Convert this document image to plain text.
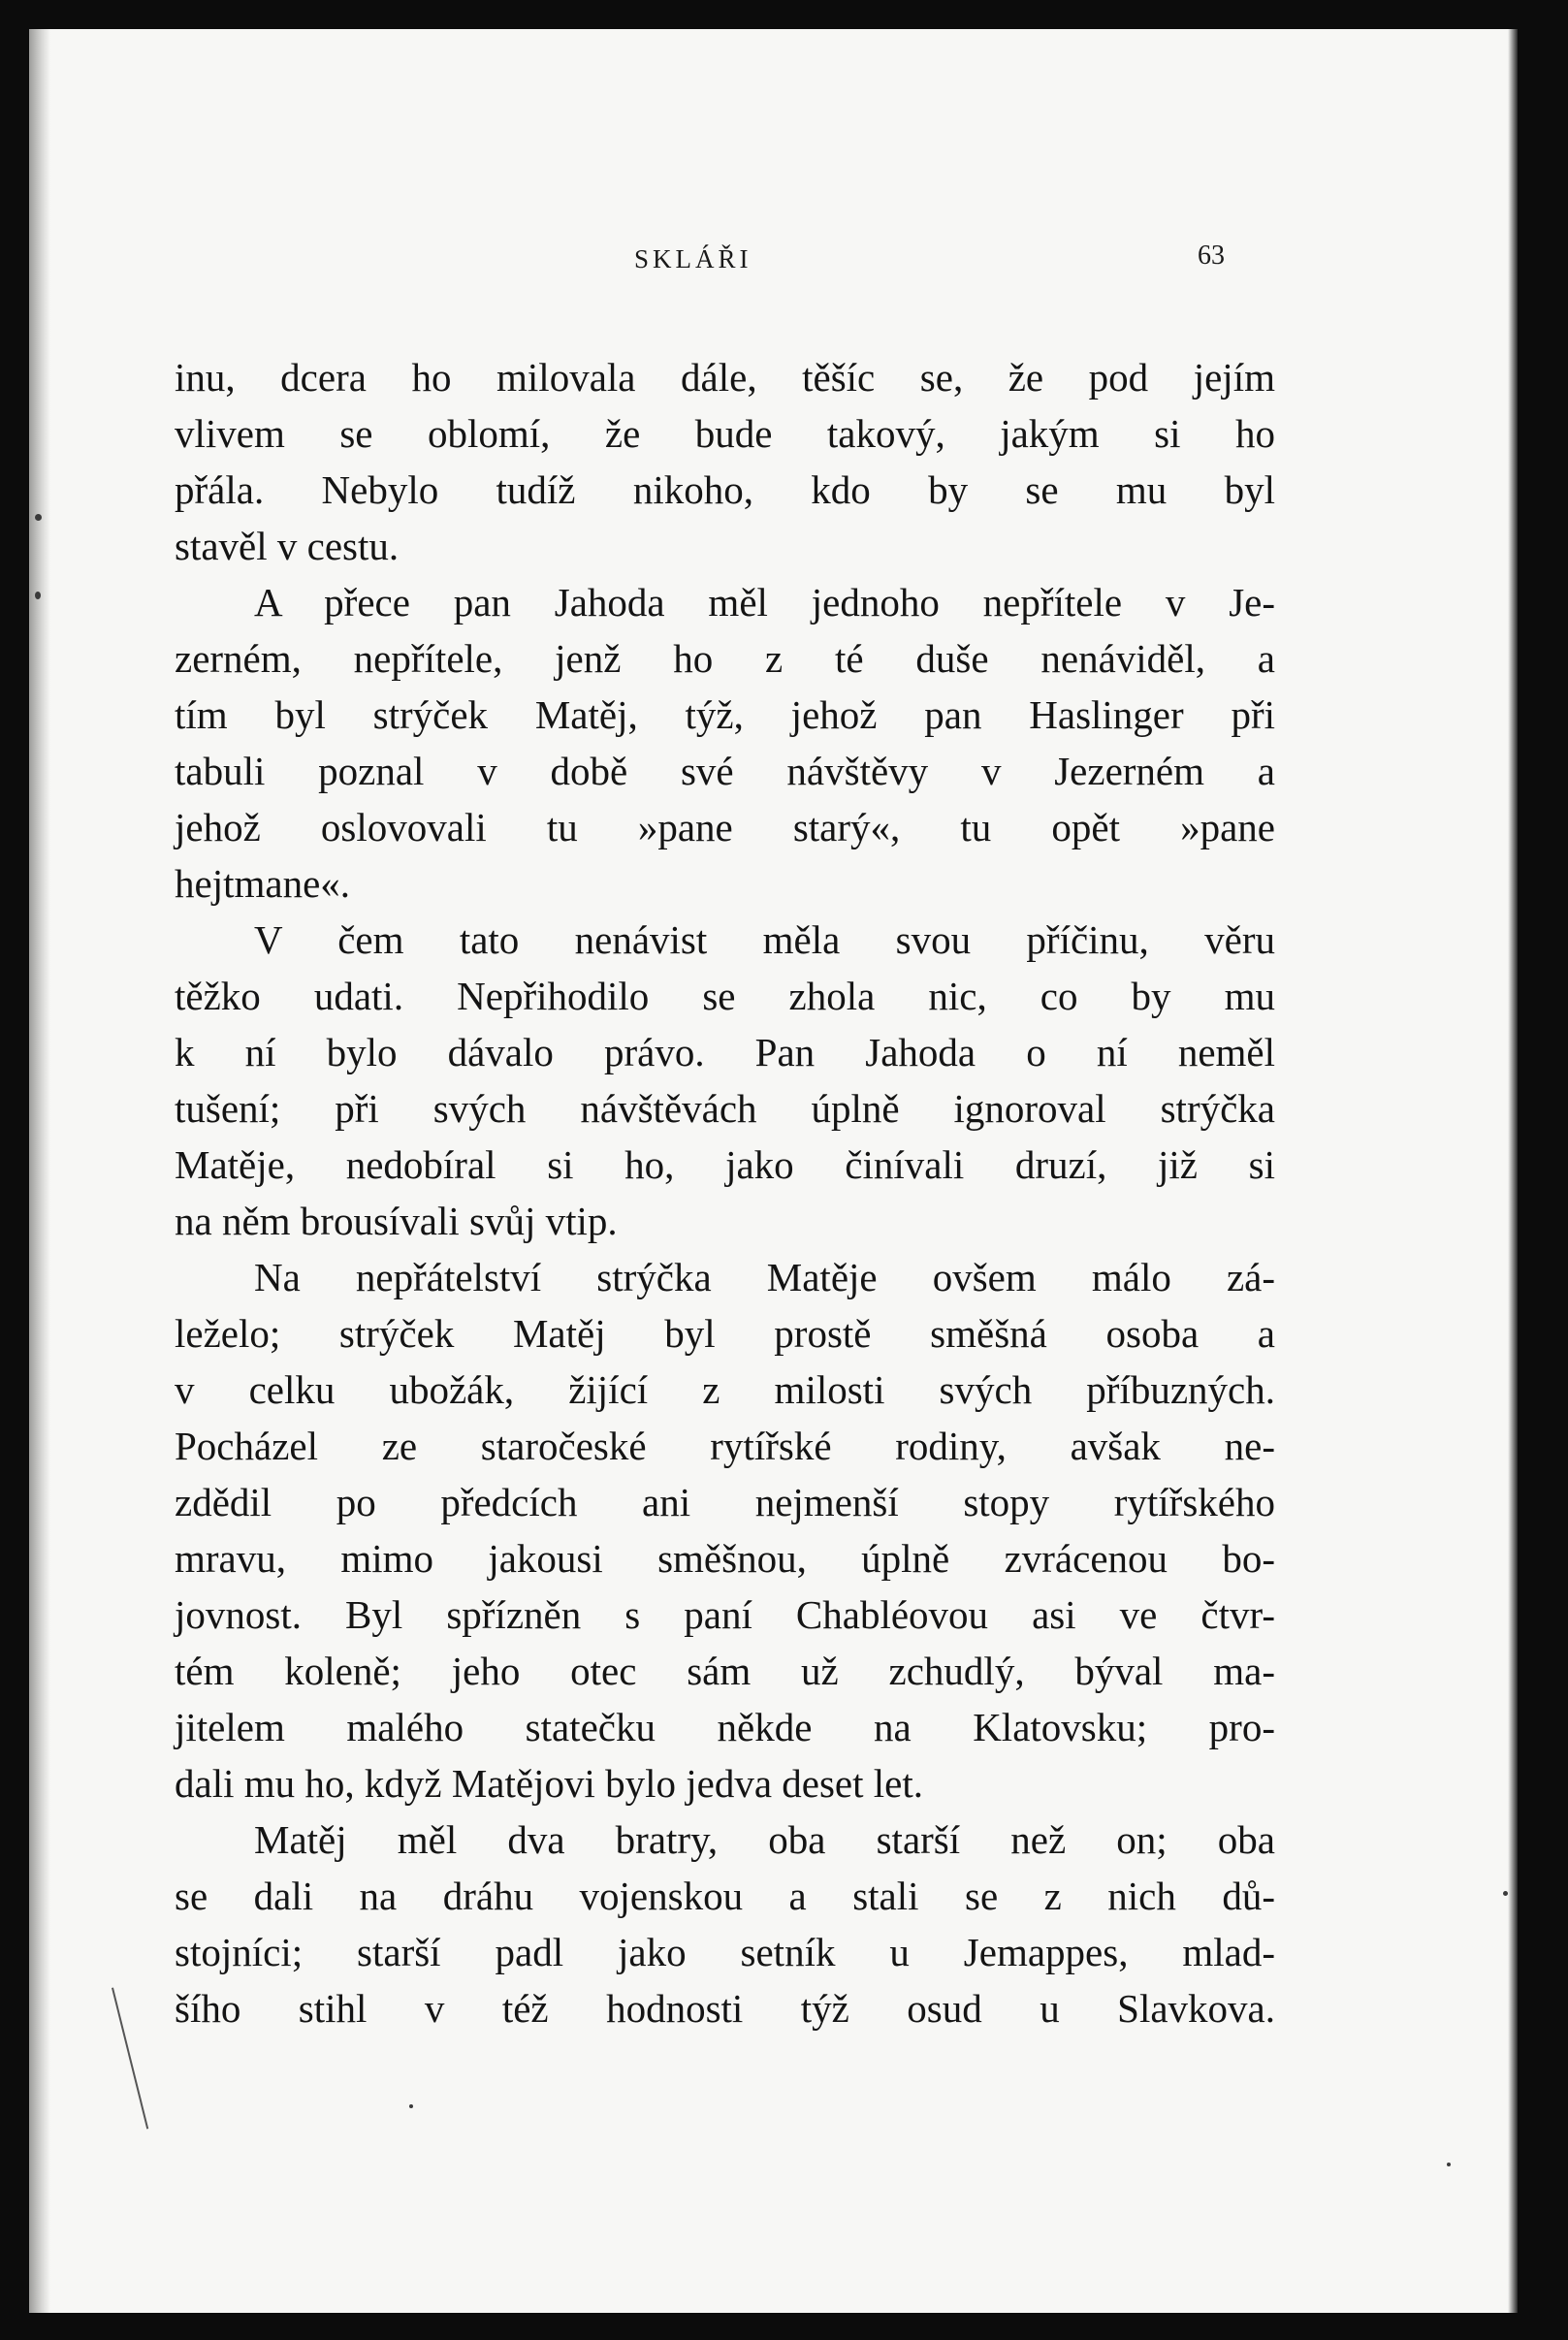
SKLÁŘI	63
inu, dcera ho milovala dále, těšíc se, že pod jejím
vlivem se oblomí, že bude takový, jakým si ho
přála. Nebylo tudíž nikoho, kdo by se mu byl
stavěl v cestu.
A přece pan Jahoda měl jednoho nepřítele v Je-
zerném, nepřítele, jenž ho z té duše nenáviděl, a
tím byl strýček Matěj, týž, jehož pan Haslinger při
tabuli poznal v době své návštěvy v Jezerném a
jehož oslovovali tu »pane starý«, tu opět »pane
hejtmane«.
V čem tato nenávist měla svou příčinu, věru
těžko udati. Nepřihodilo se zhola nic, co by mu
k ní bylo dávalo právo. Pan Jahoda o ní neměl
tušení; při svých návštěvách úplně ignoroval strýčka
Matěje, nedobíral si ho, jako činívali druzí, již si
na něm brousívali svůj vtip.
Na nepřátelství strýčka Matěje ovšem málo zá-
leželo; strýček Matěj byl prostě směšná osoba a
v celku ubožák, žijící z milosti svých příbuzných.
Pocházel ze staročeské rytířské rodiny, avšak ne-
zdědil po předcích ani nejmenší stopy rytířského
mravu, mimo jakousi směšnou, úplně zvrácenou bo-
jovnost. Byl spřízněn s paní Chabléovou asi ve čtvr-
tém koleně; jeho otec sám už zchudlý, býval ma-
jitelem malého statečku někde na Klatovsku; pro-
dali mu ho, když Matějovi bylo jedva deset let.
Matěj měl dva bratry, oba starší než on; oba
se dali na dráhu vojenskou a stali se z nich dů-
stojníci; starší padl jako setník u Jemappes, mlad-
šího stihl v též hodnosti týž osud u Slavkova.
